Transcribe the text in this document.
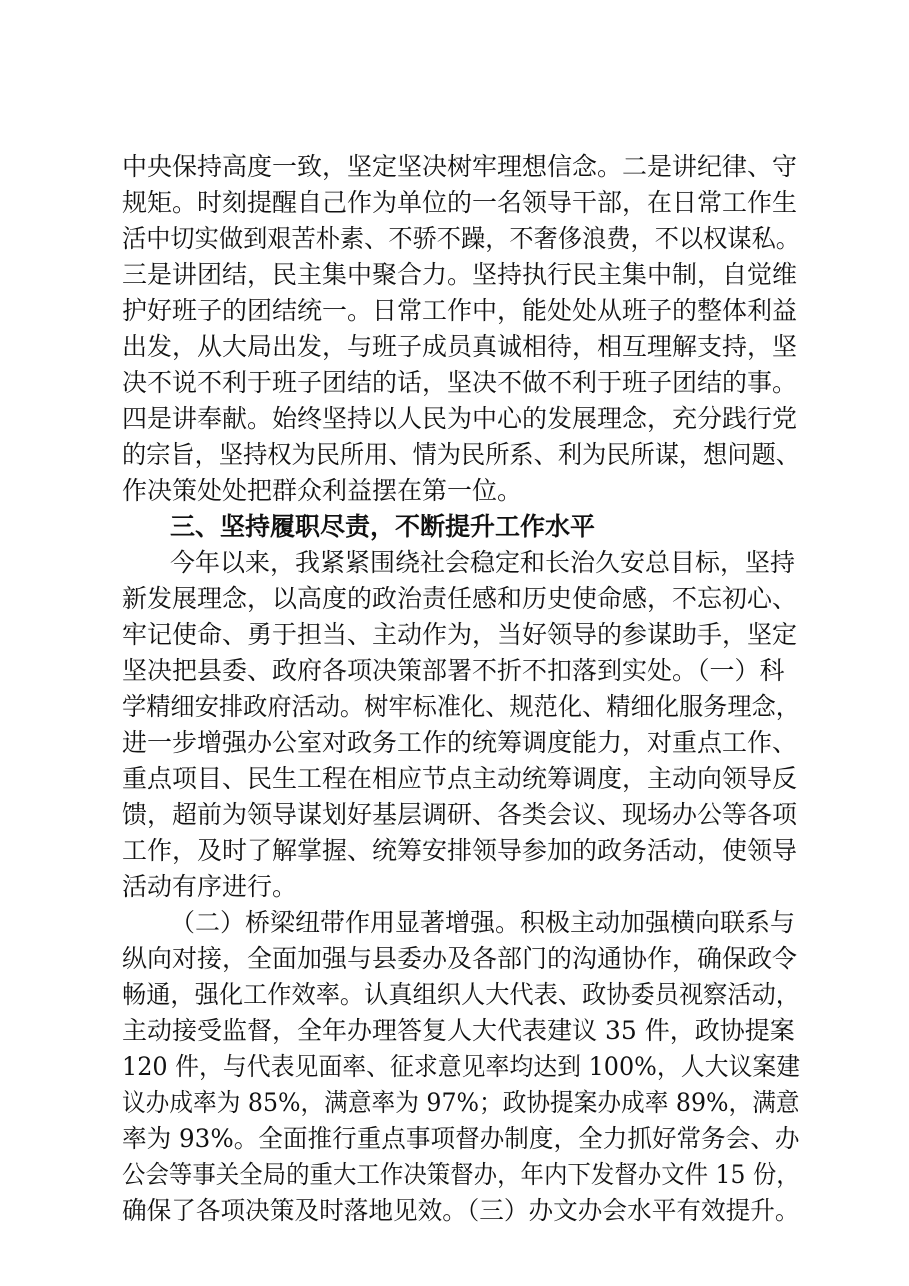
中央保持高度一致，坚定坚决树牢理想信念。二是讲纪律、守
规矩。时刻提醒自己作为单位的一名领导干部，在日常工作生
活中切实做到艰苦朴素、不骄不躁，不奢侈浪费，不以权谋私。
三是讲团结，民主集中聚合力。坚持执行民主集中制，自觉维
护好班子的团结统一。日常工作中，能处处从班子的整体利益
出发，从大局出发，与班子成员真诚相待，相互理解支持，坚
决不说不利于班子团结的话，坚决不做不利于班子团结的事。
四是讲奉献。始终坚持以人民为中心的发展理念，充分践行党
的宗旨，坚持权为民所用、情为民所系、利为民所谋，想问题、
作决策处处把群众利益摆在第一位。
三、坚持履职尽责，不断提升工作水平
今年以来，我紧紧围绕社会稳定和长治久安总目标，坚持
新发展理念，以高度的政治责任感和历史使命感，不忘初心、
牢记使命、勇于担当、主动作为，当好领导的参谋助手，坚定
坚决把县委、政府各项决策部署不折不扣落到实处。（一）科
学精细安排政府活动。树牢标准化、规范化、精细化服务理念，
进一步增强办公室对政务工作的统筹调度能力，对重点工作、
重点项目、民生工程在相应节点主动统筹调度，主动向领导反
馈，超前为领导谋划好基层调研、各类会议、现场办公等各项
工作，及时了解掌握、统筹安排领导参加的政务活动，使领导
活动有序进行。
（二）桥梁纽带作用显著增强。积极主动加强横向联系与
纵向对接，全面加强与县委办及各部门的沟通协作，确保政令
畅通，强化工作效率。认真组织人大代表、政协委员视察活动，
主动接受监督，全年办理答复人大代表建议 35 件，政协提案
120 件，与代表见面率、征求意见率均达到 100%，人大议案建
议办成率为 85%，满意率为 97%；政协提案办成率 89%，满意
率为 93%。全面推行重点事项督办制度，全力抓好常务会、办
公会等事关全局的重大工作决策督办，年内下发督办文件 15 份，
确保了各项决策及时落地见效。（三）办文办会水平有效提升。
